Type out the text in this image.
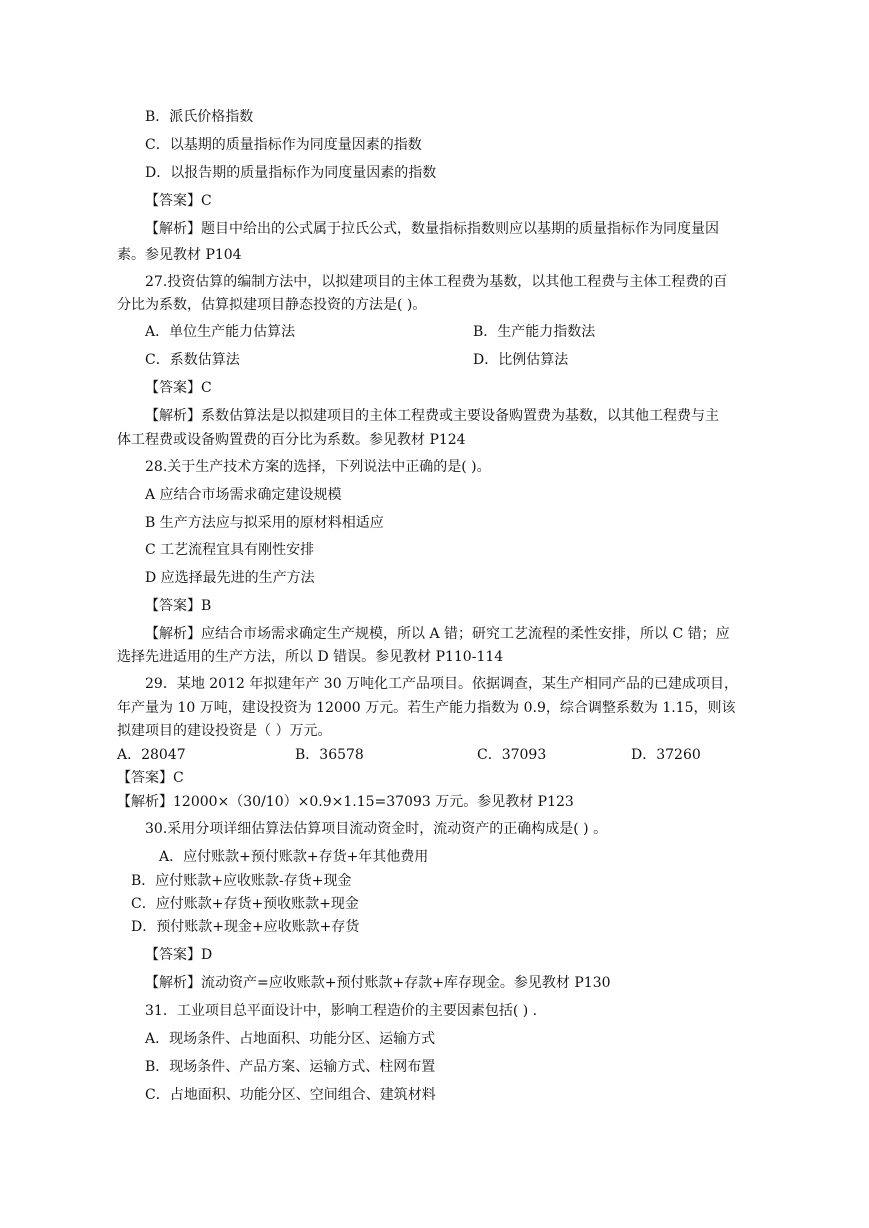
B．派氏价格指数
C．以基期的质量指标作为同度量因素的指数
D．以报告期的质量指标作为同度量因素的指数
【答案】C
【解析】题目中给出的公式属于拉氏公式，数量指标指数则应以基期的质量指标作为同度量因
素。参见教材 P104
27.投资估算的编制方法中，以拟建项目的主体工程费为基数，以其他工程费与主体工程费的百
分比为系数，估算拟建项目静态投资的方法是( )。
A．单位生产能力估算法	B．生产能力指数法
C．系数估算法	D．比例估算法
【答案】C
【解析】系数估算法是以拟建项目的主体工程费或主要设备购置费为基数，以其他工程费与主
体工程费或设备购置费的百分比为系数。参见教材 P124
28.关于生产技术方案的选择，下列说法中正确的是( )。
A 应结合市场需求确定建设规模
B 生产方法应与拟采用的原材料相适应
C 工艺流程宜具有刚性安排
D 应选择最先进的生产方法
【答案】B
【解析】应结合市场需求确定生产规模，所以 A 错；研究工艺流程的柔性安排，所以 C 错；应
选择先进适用的生产方法，所以 D 错误。参见教材 P110-114
29．某地 2012 年拟建年产 30 万吨化工产品项目。依据调查，某生产相同产品的已建成项目，
年产量为 10 万吨，建设投资为 12000 万元。若生产能力指数为 0.9，综合调整系数为 1.15，则该
拟建项目的建设投资是（ ）万元。
A．28047	B．36578	C．37093	D．37260
【答案】C
【解析】12000×（30/10）×0.9×1.15=37093 万元。参见教材 P123
30.采用分项详细估算法估算项目流动资金时，流动资产的正确构成是( ) 。
A．应付账款+预付账款+存货+年其他费用
B．应付账款+应收账款-存货+现金
C．应付账款+存货+预收账款+现金
D．预付账款+现金+应收账款+存货
【答案】D
【解析】流动资产=应收账款+预付账款+存款+库存现金。参见教材 P130
31．工业项目总平面设计中，影响工程造价的主要因素包括( ) .
A．现场条件、占地面积、功能分区、运输方式
B．现场条件、产品方案、运输方式、柱网布置
C．占地面积、功能分区、空间组合、建筑材料
